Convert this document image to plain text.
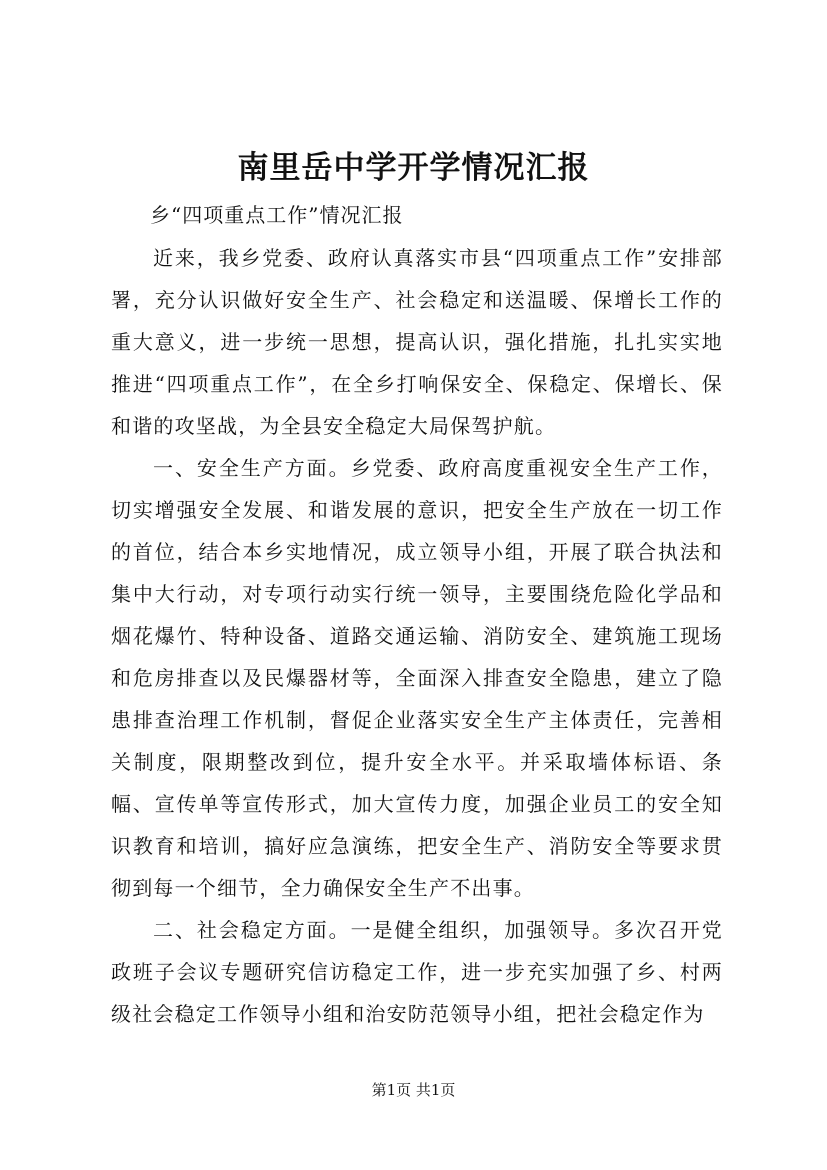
南里岳中学开学情况汇报
乡“四项重点工作”情况汇报

近来，我乡党委、政府认真落实市县“四项重点工作”安排部署，充分认识做好安全生产、社会稳定和送温暖、保增长工作的重大意义，进一步统一思想，提高认识，强化措施，扎扎实实地推进“四项重点工作”，在全乡打响保安全、保稳定、保增长、保和谐的攻坚战，为全县安全稳定大局保驾护航。

一、安全生产方面。乡党委、政府高度重视安全生产工作，切实增强安全发展、和谐发展的意识，把安全生产放在一切工作的首位，结合本乡实地情况，成立领导小组，开展了联合执法和集中大行动，对专项行动实行统一领导，主要围绕危险化学品和烟花爆竹、特种设备、道路交通运输、消防安全、建筑施工现场和危房排查以及民爆器材等，全面深入排查安全隐患，建立了隐患排查治理工作机制，督促企业落实安全生产主体责任，完善相关制度，限期整改到位，提升安全水平。并采取墙体标语、条幅、宣传单等宣传形式，加大宣传力度，加强企业员工的安全知识教育和培训，搞好应急演练，把安全生产、消防安全等要求贯彻到每一个细节，全力确保安全生产不出事。

二、社会稳定方面。一是健全组织，加强领导。多次召开党政班子会议专题研究信访稳定工作，进一步充实加强了乡、村两级社会稳定工作领导小组和治安防范领导小组，把社会稳定作为

第1页 共1页
